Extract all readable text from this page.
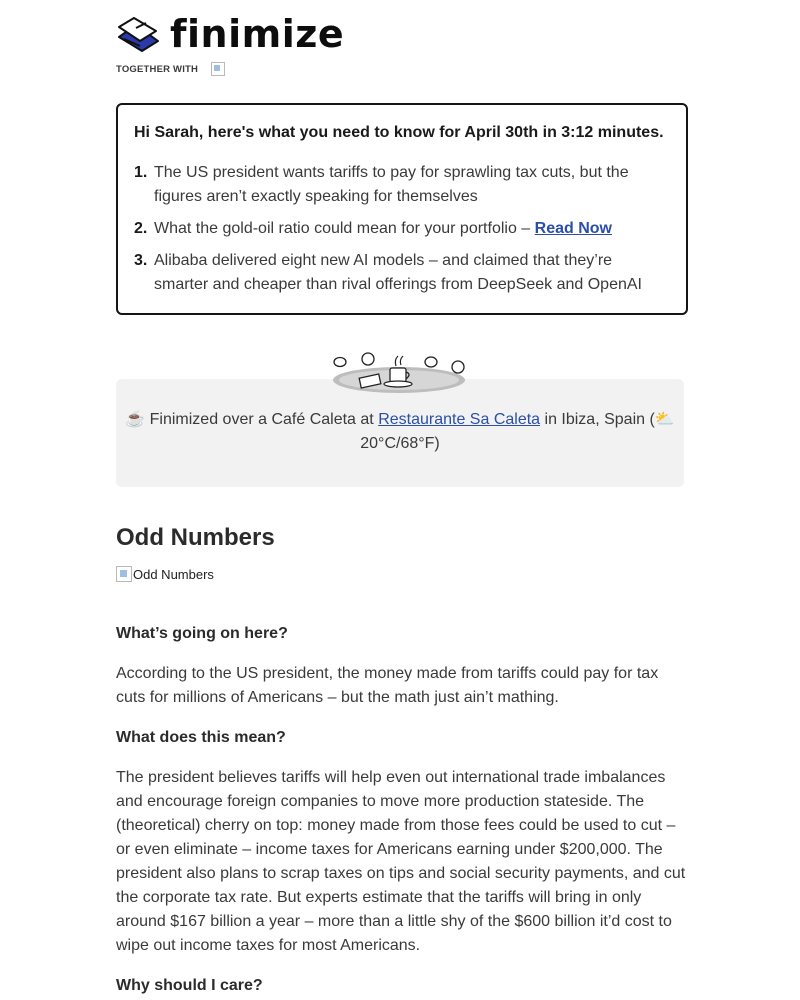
finimize
TOGETHER WITH
Hi Sarah, here's what you need to know for April 30th in 3:12 minutes.
1. The US president wants tariffs to pay for sprawling tax cuts, but the figures aren’t exactly speaking for themselves
2. What the gold-oil ratio could mean for your portfolio – Read Now
3. Alibaba delivered eight new AI models – and claimed that they’re smarter and cheaper than rival offerings from DeepSeek and OpenAI
☕ Finimized over a Café Caleta at Restaurante Sa Caleta in Ibiza, Spain (⛅
20°C/68°F)
Odd Numbers
Odd Numbers
What’s going on here?
According to the US president, the money made from tariffs could pay for tax cuts for millions of Americans – but the math just ain’t mathing.
What does this mean?
The president believes tariffs will help even out international trade imbalances and encourage foreign companies to move more production stateside. The (theoretical) cherry on top: money made from those fees could be used to cut – or even eliminate – income taxes for Americans earning under $200,000. The president also plans to scrap taxes on tips and social security payments, and cut the corporate tax rate. But experts estimate that the tariffs will bring in only around $167 billion a year – more than a little shy of the $600 billion it’d cost to wipe out income taxes for most Americans.
Why should I care?
